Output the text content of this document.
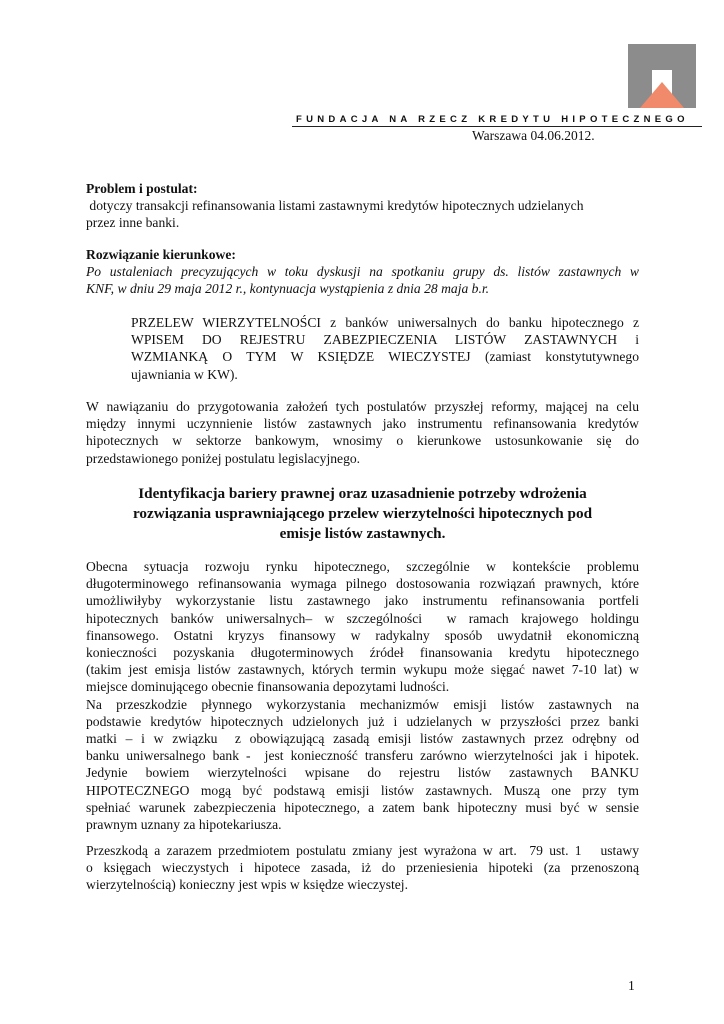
FUNDACJA NA RZECZ KREDYTU HIPOTECZNEGO
Warszawa 04.06.2012.
Problem i postulat:
dotyczy transakcji refinansowania listami zastawnymi kredytów hipotecznych udzielanych
przez inne banki.
Rozwiązanie kierunkowe:
Po ustaleniach precyzujących w toku dyskusji na spotkaniu grupy ds. listów zastawnych w
KNF, w dniu 29 maja 2012 r., kontynuacja wystąpienia z dnia 28 maja b.r.
PRZELEW WIERZYTELNOŚCI z banków uniwersalnych do banku hipotecznego z
WPISEM DO REJESTRU ZABEZPIECZENIA LISTÓW ZASTAWNYCH i
WZMIANKĄ O TYM W KSIĘDZE WIECZYSTEJ (zamiast konstytutywnego
ujawniania w KW).
W nawiązaniu do przygotowania założeń tych postulatów przyszłej reformy, mającej na celu
między innymi uczynnienie listów zastawnych jako instrumentu refinansowania kredytów
hipotecznych w sektorze bankowym, wnosimy o kierunkowe ustosunkowanie się do
przedstawionego poniżej postulatu legislacyjnego.
Identyfikacja bariery prawnej oraz uzasadnienie potrzeby wdrożenia
rozwiązania usprawniającego przelew wierzytelności hipotecznych pod
emisje listów zastawnych.
Obecna sytuacja rozwoju rynku hipotecznego, szczególnie w kontekście problemu
długoterminowego refinansowania wymaga pilnego dostosowania rozwiązań prawnych, które
umożliwiłyby wykorzystanie listu zastawnego jako instrumentu refinansowania portfeli
hipotecznych banków uniwersalnych– w szczególności  w ramach krajowego holdingu
finansowego. Ostatni kryzys finansowy w radykalny sposób uwydatnił ekonomiczną
konieczności pozyskania długoterminowych źródeł finansowania kredytu hipotecznego
(takim jest emisja listów zastawnych, których termin wykupu może sięgać nawet 7-10 lat) w
miejsce dominującego obecnie finansowania depozytami ludności.
Na przeszkodzie płynnego wykorzystania mechanizmów emisji listów zastawnych na
podstawie kredytów hipotecznych udzielonych już i udzielanych w przyszłości przez banki
matki – i w związku  z obowiązującą zasadą emisji listów zastawnych przez odrębny od
banku uniwersalnego bank -  jest konieczność transferu zarówno wierzytelności jak i hipotek.
Jedynie bowiem wierzytelności wpisane do rejestru listów zastawnych BANKU
HIPOTECZNEGO mogą być podstawą emisji listów zastawnych. Muszą one przy tym
spełniać warunek zabezpieczenia hipotecznego, a zatem bank hipoteczny musi być w sensie
prawnym uznany za hipotekariusza.
Przeszkodą a zarazem przedmiotem postulatu zmiany jest wyrażona w art.  79 ust. 1   ustawy
o księgach wieczystych i hipotece zasada, iż do przeniesienia hipoteki (za przenoszoną
wierzytelnością) konieczny jest wpis w księdze wieczystej.
1
